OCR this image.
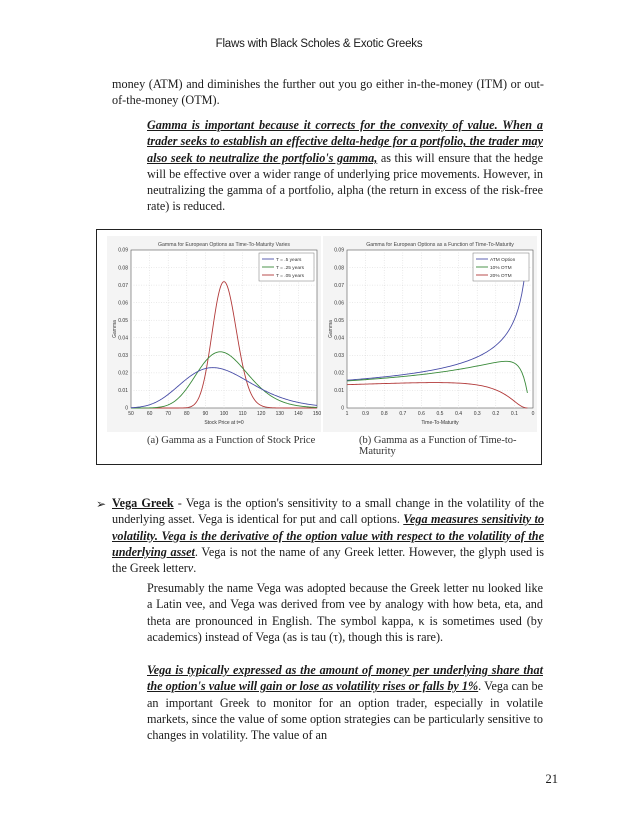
Flaws with Black Scholes & Exotic Greeks
money (ATM) and diminishes the further out you go either in-the-money (ITM) or out-of-the-money (OTM).
Gamma is important because it corrects for the convexity of value. When a trader seeks to establish an effective delta-hedge for a portfolio, the trader may also seek to neutralize the portfolio's gamma, as this will ensure that the hedge will be effective over a wider range of underlying price movements. However, in neutralizing the gamma of a portfolio, alpha (the return in excess of the risk-free rate) is reduced.
Gamma for European Options as Time-To-Maturity Varies
0.09
0.08
0.07
0.06
0.05
0.04
0.03
0.02
0.01
0
50	60	70	80	90 100 110 120 130 140 150
Gamma
Stock Price at t=0
T = .5 years
T = .25 years
T = .05 years
(a) Gamma as a Function of Stock Price
Gamma for European Options as a Function of Time-To-Maturity
0.09
0.08
0.07
0.06
0.05
0.04
0.03
0.02
0.01
0
1	0.9 0.8 0.7 0.6 0.5 0.4 0.3 0.2 0.1	0
Gamma
Time-To-Maturity
ATM Option
10% OTM
20% OTM
(b) Gamma as a Function of Time-to-Maturity
➢ Vega Greek - Vega is the option's sensitivity to a small change in the volatility of the underlying asset. Vega is identical for put and call options. Vega measures sensitivity to volatility. Vega is the derivative of the option value with respect to the volatility of the underlying asset. Vega is not the name of any Greek letter. However, the glyph used is the Greek letterν.
Presumably the name Vega was adopted because the Greek letter nu looked like a Latin vee, and Vega was derived from vee by analogy with how beta, eta, and theta are pronounced in English. The symbol kappa, κ is sometimes used (by academics) instead of Vega (as is tau (τ), though this is rare).
Vega is typically expressed as the amount of money per underlying share that the option's value will gain or lose as volatility rises or falls by 1%. Vega can be an important Greek to monitor for an option trader, especially in volatile markets, since the value of some option strategies can be particularly sensitive to changes in volatility. The value of an
21
